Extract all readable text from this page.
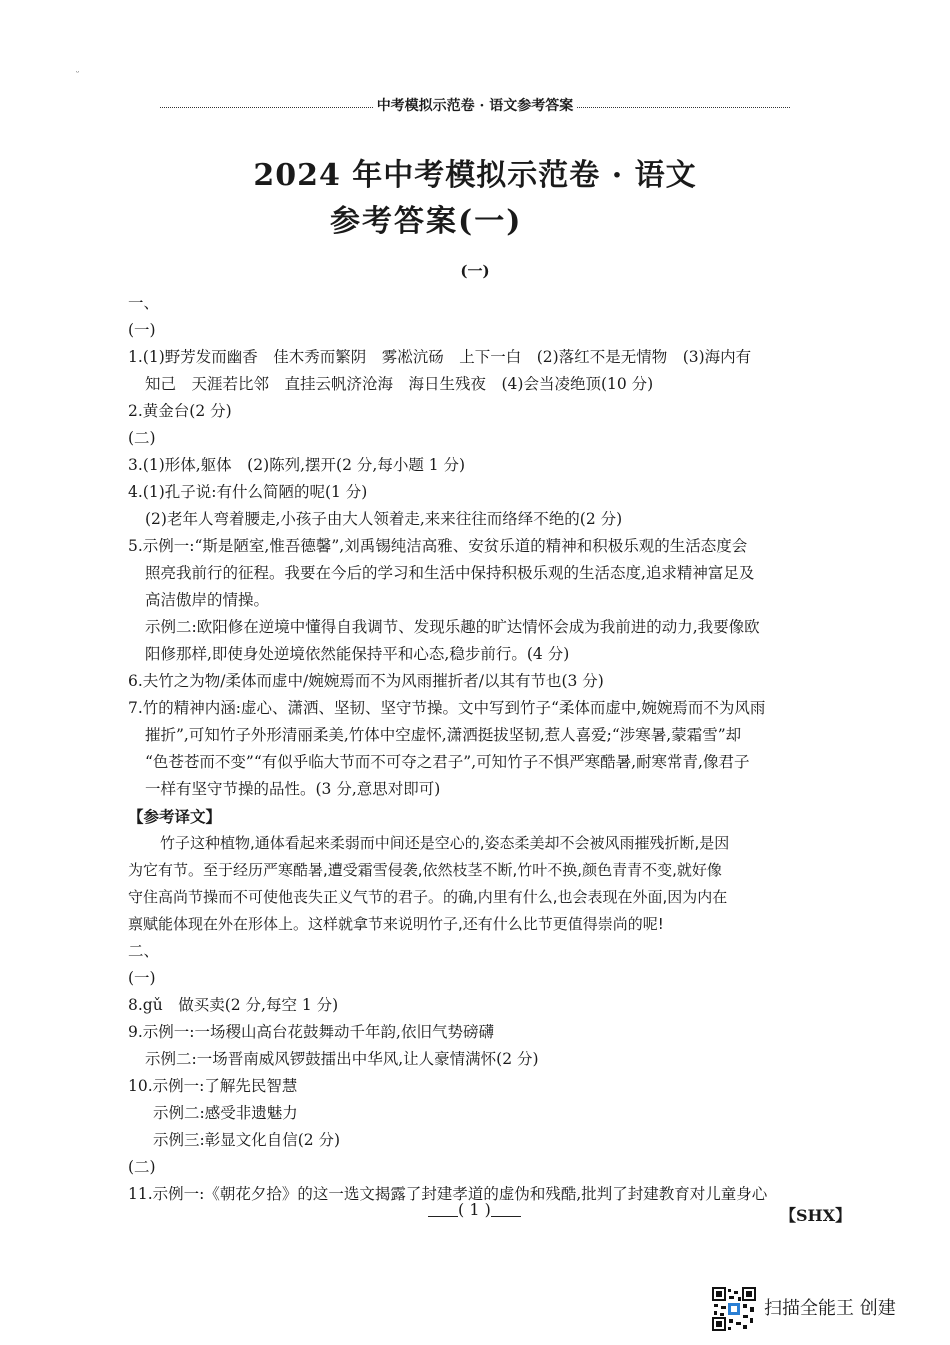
ᵕ
中考模拟示范卷 · 语文参考答案
2024 年中考模拟示范卷 · 语文
参考答案(一)
(一)

一、

(一)

1.(1)野芳发而幽香　佳木秀而繁阴　雾凇沆砀　上下一白　(2)落红不是无情物　(3)海内有

知己　天涯若比邻　直挂云帆济沧海　海日生残夜　(4)会当凌绝顶(10 分)

2.黄金台(2 分)

(二)

3.(1)形体,躯体　(2)陈列,摆开(2 分,每小题 1 分)

4.(1)孔子说:有什么简陋的呢(1 分)

(2)老年人弯着腰走,小孩子由大人领着走,来来往往而络绎不绝的(2 分)

5.示例一:“斯是陋室,惟吾德馨”,刘禹锡纯洁高雅、安贫乐道的精神和积极乐观的生活态度会

照亮我前行的征程。我要在今后的学习和生活中保持积极乐观的生活态度,追求精神富足及

高洁傲岸的情操。

示例二:欧阳修在逆境中懂得自我调节、发现乐趣的旷达情怀会成为我前进的动力,我要像欧

阳修那样,即使身处逆境依然能保持平和心态,稳步前行。(4 分)

6.夫竹之为物/柔体而虚中/婉婉焉而不为风雨摧折者/以其有节也(3 分)

7.竹的精神内涵:虚心、潇洒、坚韧、坚守节操。文中写到竹子“柔体而虚中,婉婉焉而不为风雨

摧折”,可知竹子外形清丽柔美,竹体中空虚怀,潇洒挺拔坚韧,惹人喜爱;“涉寒暑,蒙霜雪”却

“色苍苍而不变”“有似乎临大节而不可夺之君子”,可知竹子不惧严寒酷暑,耐寒常青,像君子

一样有坚守节操的品性。(3 分,意思对即可)

【参考译文】

竹子这种植物,通体看起来柔弱而中间还是空心的,姿态柔美却不会被风雨摧残折断,是因

为它有节。至于经历严寒酷暑,遭受霜雪侵袭,依然枝茎不断,竹叶不换,颜色青青不变,就好像

守住高尚节操而不可使他丧失正义气节的君子。的确,内里有什么,也会表现在外面,因为内在

禀赋能体现在外在形体上。这样就拿节来说明竹子,还有什么比节更值得崇尚的呢!

二、

(一)

8.gǔ　做买卖(2 分,每空 1 分)

9.示例一:一场稷山高台花鼓舞动千年韵,依旧气势磅礴

示例二:一场晋南威风锣鼓擂出中华风,让人豪情满怀(2 分)

10.示例一:了解先民智慧

示例二:感受非遗魅力

示例三:彰显文化自信(2 分)

(二)

11.示例一:《朝花夕拾》的这一选文揭露了封建孝道的虚伪和残酷,批判了封建教育对儿童身心

( 1 )	【SHX】
扫描全能王 创建
